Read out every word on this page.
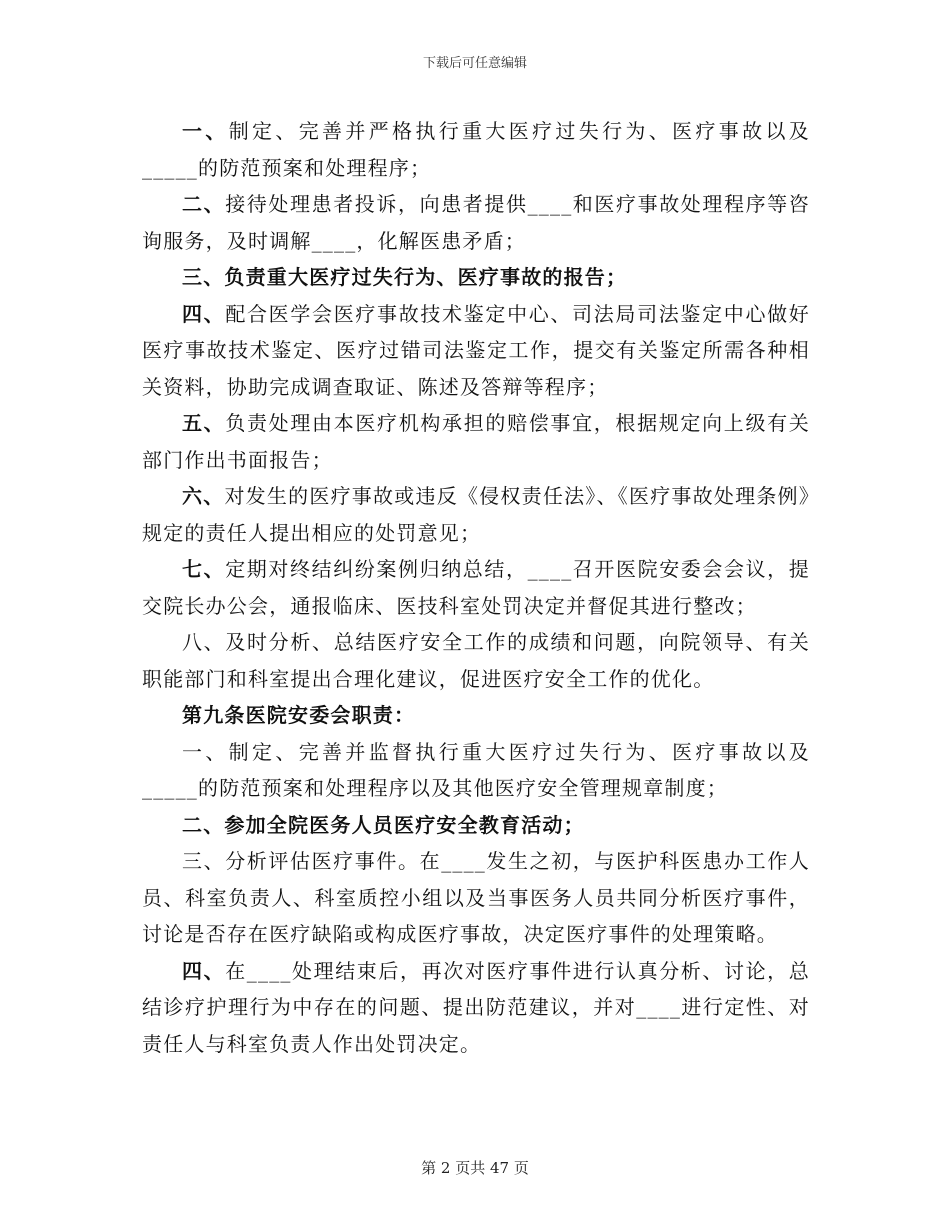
下载后可任意编辑

一、制定、完善并严格执行重大医疗过失行为、医疗事故以及_____的防范预案和处理程序；

二、接待处理患者投诉，向患者提供____和医疗事故处理程序等咨询服务，及时调解____，化解医患矛盾；

三、负责重大医疗过失行为、医疗事故的报告；

四、配合医学会医疗事故技术鉴定中心、司法局司法鉴定中心做好医疗事故技术鉴定、医疗过错司法鉴定工作，提交有关鉴定所需各种相关资料，协助完成调查取证、陈述及答辩等程序；

五、负责处理由本医疗机构承担的赔偿事宜，根据规定向上级有关部门作出书面报告；

六、对发生的医疗事故或违反《侵权责任法》、《医疗事故处理条例》规定的责任人提出相应的处罚意见；

七、定期对终结纠纷案例归纳总结，____召开医院安委会会议，提交院长办公会，通报临床、医技科室处罚决定并督促其进行整改；

八、及时分析、总结医疗安全工作的成绩和问题，向院领导、有关职能部门和科室提出合理化建议，促进医疗安全工作的优化。

第九条医院安委会职责：

一、制定、完善并监督执行重大医疗过失行为、医疗事故以及_____的防范预案和处理程序以及其他医疗安全管理规章制度；

二、参加全院医务人员医疗安全教育活动；

三、分析评估医疗事件。在____发生之初，与医护科医患办工作人员、科室负责人、科室质控小组以及当事医务人员共同分析医疗事件，讨论是否存在医疗缺陷或构成医疗事故，决定医疗事件的处理策略。

四、在____处理结束后，再次对医疗事件进行认真分析、讨论，总结诊疗护理行为中存在的问题、提出防范建议，并对____进行定性、对责任人与科室负责人作出处罚决定。

第 2 页共 47 页
